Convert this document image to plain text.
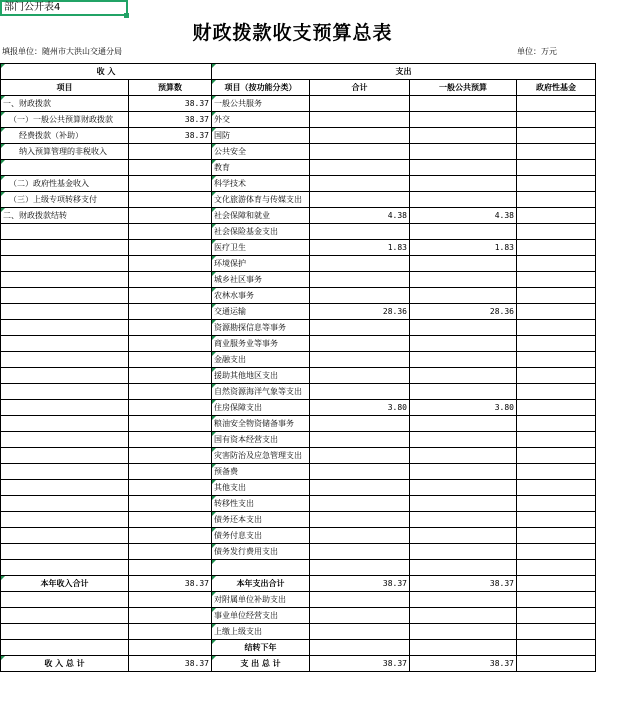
部门公开表4
财政拨款收支预算总表
填报单位：随州市大洪山交通分局	单位：万元
收 入		支出			
项目	预算数	项目（按功能分类）	合计	一般公共预算	政府性基金
一、财政拨款	38.37	一般公共服务			
（一）一般公共预算财政拨款	38.37	外交			
经费拨款（补助）	38.37	国防			
纳入预算管理的非税收入		公共安全			
		教育			
（二）政府性基金收入		科学技术			
（三）上级专项转移支付		文化旅游体育与传媒支出			
二、财政拨款结转		社会保障和就业	4.38	4.38	
		社会保险基金支出			
		医疗卫生	1.83	1.83	
		环境保护			
		城乡社区事务			
		农林水事务			
		交通运输	28.36	28.36	
		资源勘探信息等事务			
		商业服务业等事务			
		金融支出			
		援助其他地区支出			
		自然资源海洋气象等支出			
		住房保障支出	3.80	3.80	
		粮油安全物资储备事务			
		国有资本经营支出			
		灾害防治及应急管理支出			
		预备费			
		其他支出			
		转移性支出			
		债务还本支出			
		债务付息支出			
		债务发行费用支出			

本年收入合计	38.37	本年支出合计	38.37	38.37	
		对附属单位补助支出			
		事业单位经营支出			
		上缴上级支出			
		结转下年			
收 入 总 计	38.37	支 出 总 计	38.37	38.37	
